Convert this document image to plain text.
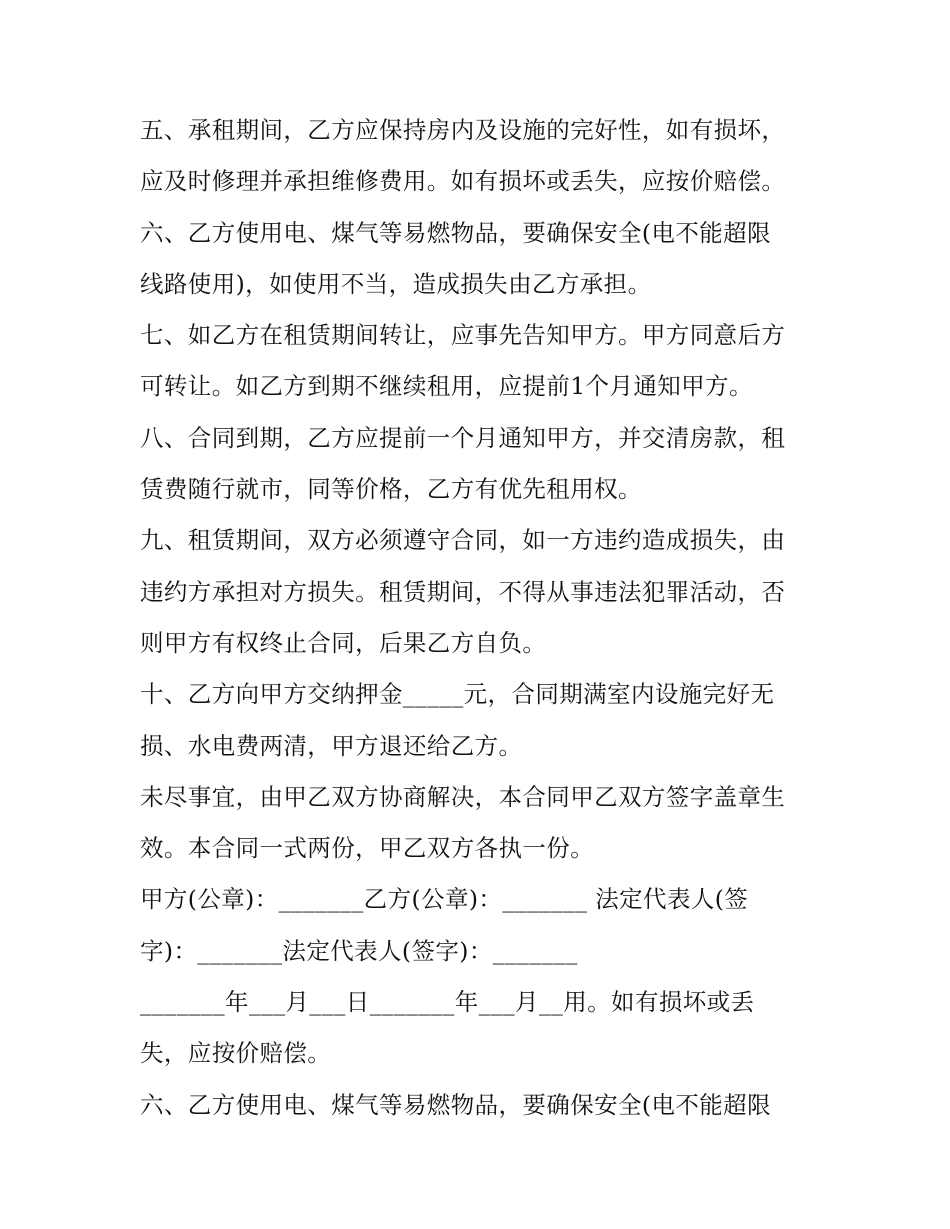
五、承租期间，乙方应保持房内及设施的完好性，如有损坏，
应及时修理并承担维修费用。如有损坏或丢失，应按价赔偿。
六、乙方使用电、煤气等易燃物品，要确保安全(电不能超限
线路使用)，如使用不当，造成损失由乙方承担。
七、如乙方在租赁期间转让，应事先告知甲方。甲方同意后方
可转让。如乙方到期不继续租用，应提前1个月通知甲方。
八、合同到期，乙方应提前一个月通知甲方，并交清房款，租
赁费随行就市，同等价格，乙方有优先租用权。
九、租赁期间，双方必须遵守合同，如一方违约造成损失，由
违约方承担对方损失。租赁期间，不得从事违法犯罪活动，否
则甲方有权终止合同，后果乙方自负。
十、乙方向甲方交纳押金_____元，合同期满室内设施完好无
损、水电费两清，甲方退还给乙方。
未尽事宜，由甲乙双方协商解决，本合同甲乙双方签字盖章生
效。本合同一式两份，甲乙双方各执一份。
甲方(公章)：_______乙方(公章)：_______ 法定代表人(签
字)：_______法定代表人(签字)：_______
_______年___月___日_______年___月__用。如有损坏或丢
失，应按价赔偿。
六、乙方使用电、煤气等易燃物品，要确保安全(电不能超限
